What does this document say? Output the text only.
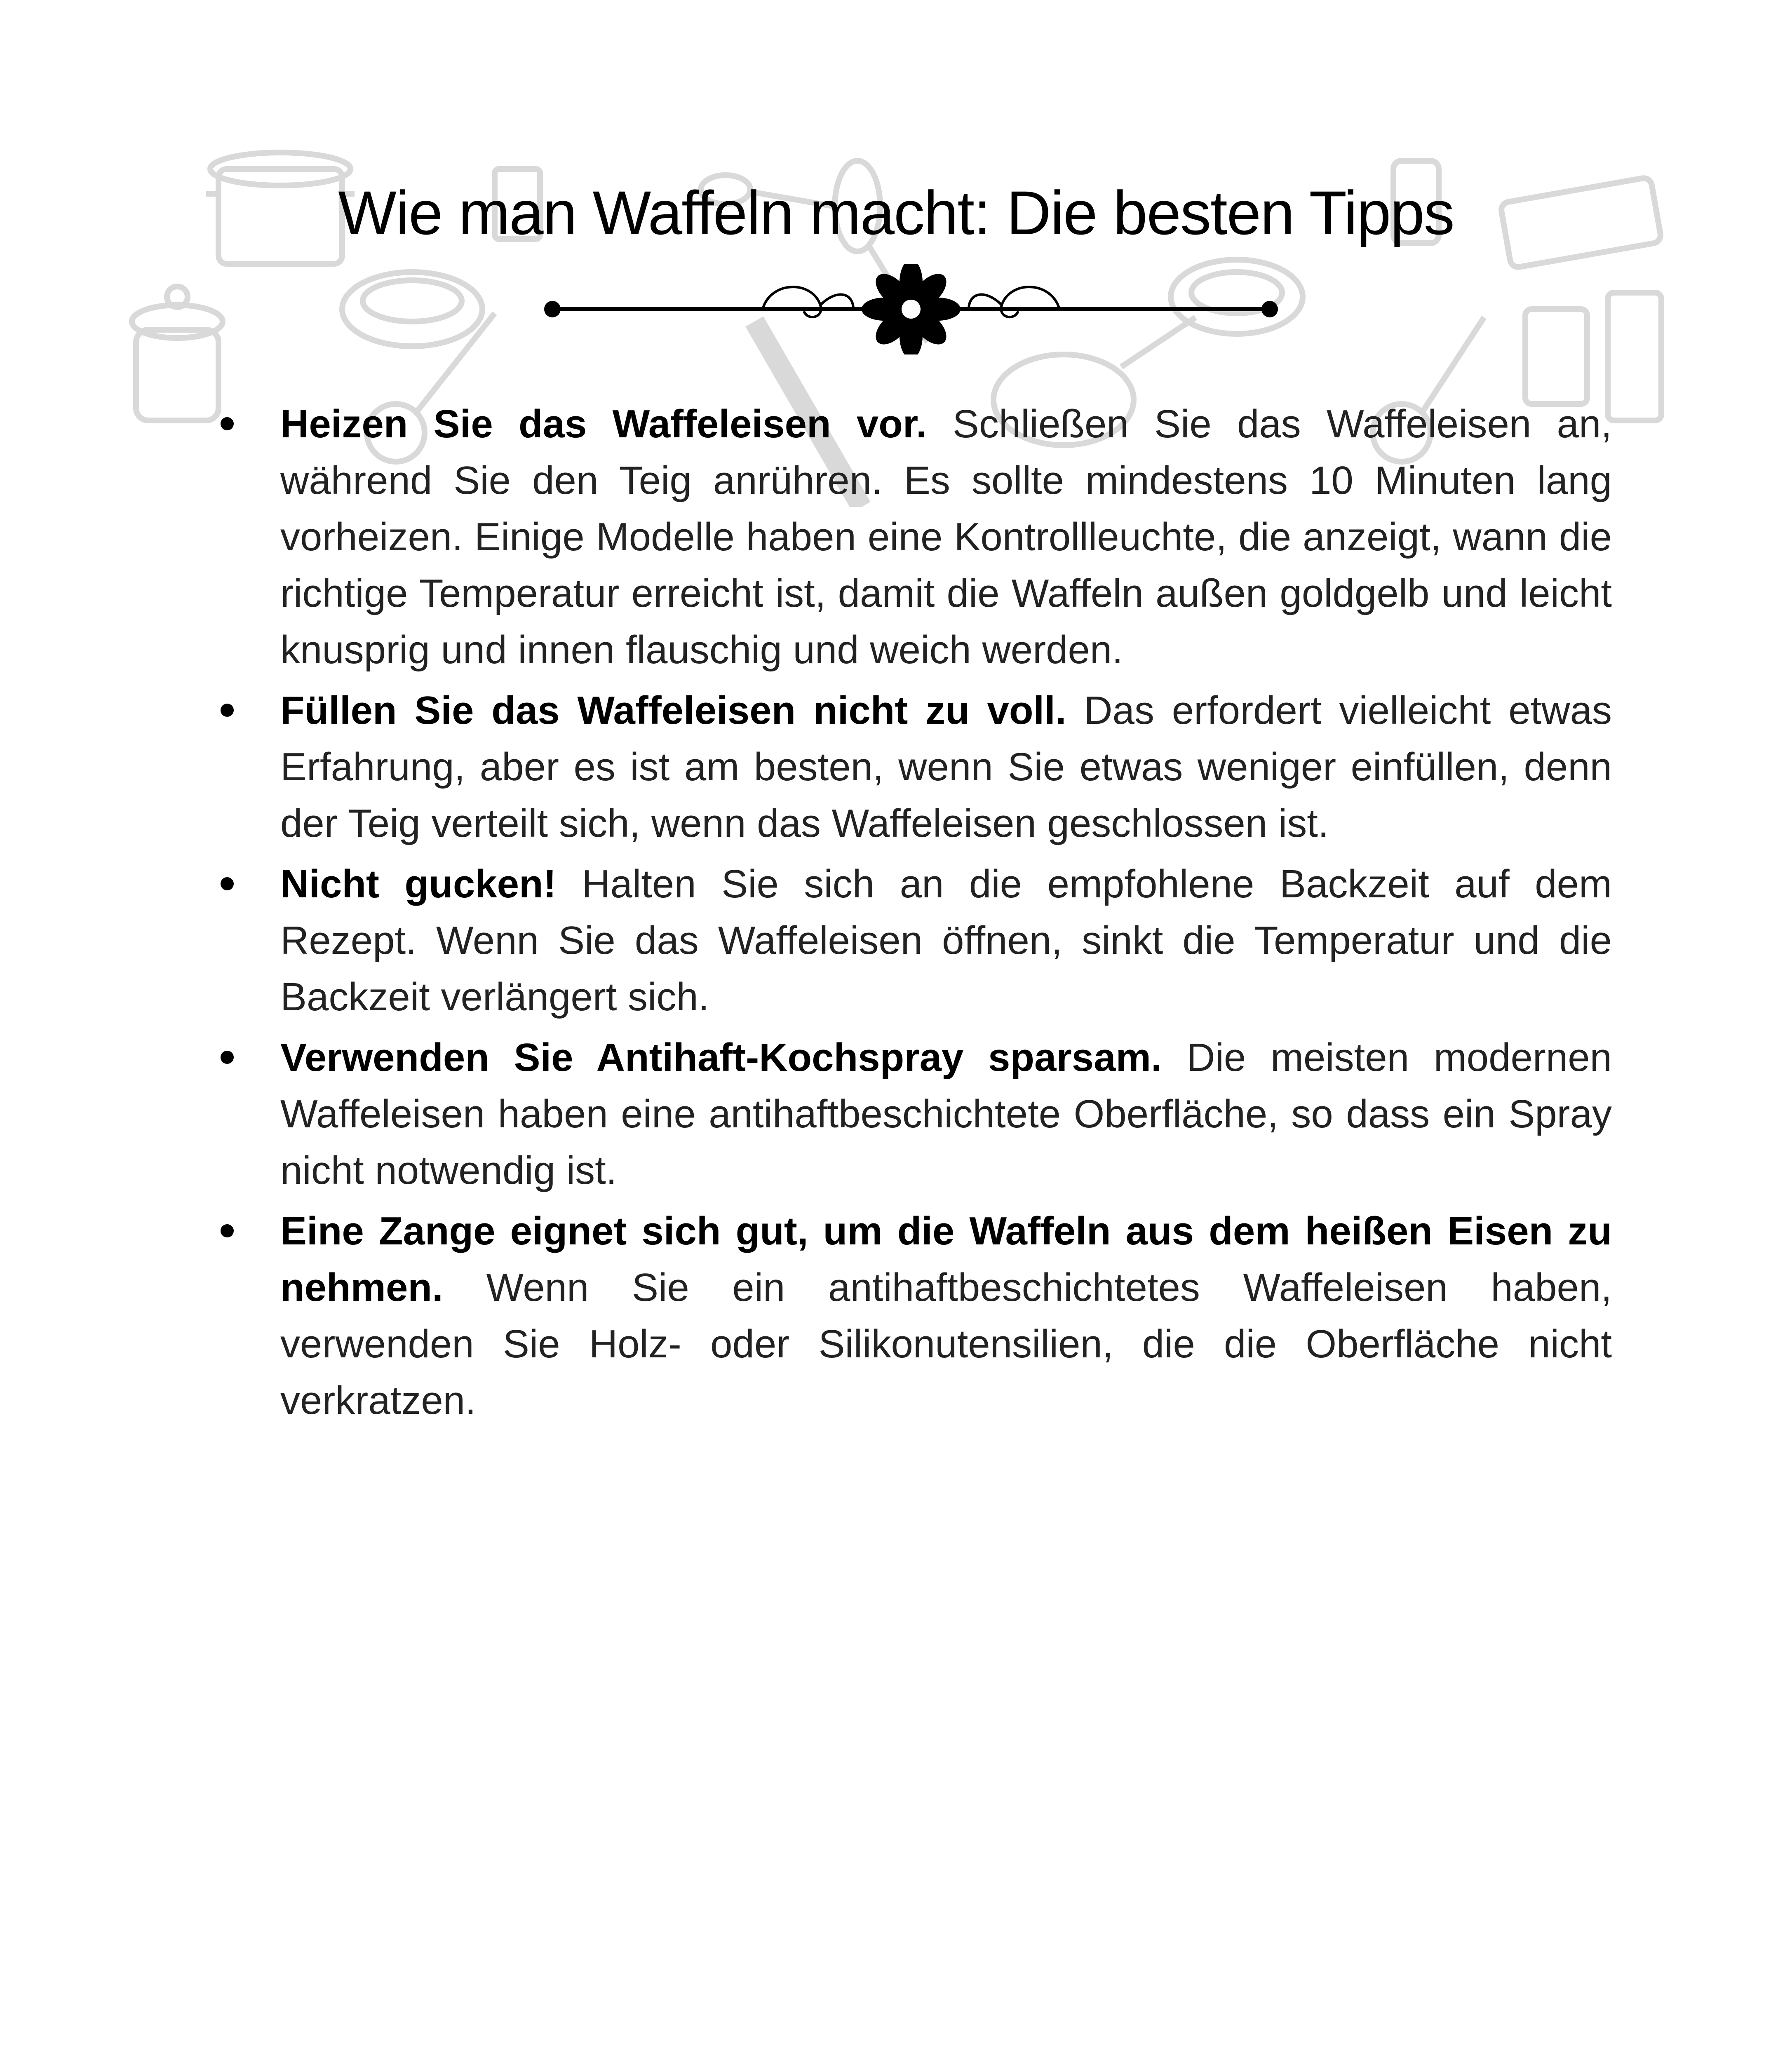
Wie man Waffeln macht: Die besten Tipps
Heizen Sie das Waffeleisen vor. Schließen Sie das Waffeleisen an, während Sie den Teig anrühren. Es sollte mindestens 10 Minuten lang vorheizen. Einige Modelle haben eine Kontrollleuchte, die anzeigt, wann die richtige Temperatur erreicht ist, damit die Waffeln außen goldgelb und leicht knusprig und innen flauschig und weich werden.
Füllen Sie das Waffeleisen nicht zu voll. Das erfordert vielleicht etwas Erfahrung, aber es ist am besten, wenn Sie etwas weniger einfüllen, denn der Teig verteilt sich, wenn das Waffeleisen geschlossen ist.
Nicht gucken! Halten Sie sich an die empfohlene Backzeit auf dem Rezept. Wenn Sie das Waffeleisen öffnen, sinkt die Temperatur und die Backzeit verlängert sich.
Verwenden Sie Antihaft-Kochspray sparsam. Die meisten modernen Waffeleisen haben eine antihaftbeschichtete Oberfläche, so dass ein Spray nicht notwendig ist.
Eine Zange eignet sich gut, um die Waffeln aus dem heißen Eisen zu nehmen. Wenn Sie ein antihaftbeschichtetes Waffeleisen haben, verwenden Sie Holz- oder Silikonutensilien, die die Oberfläche nicht verkratzen.
